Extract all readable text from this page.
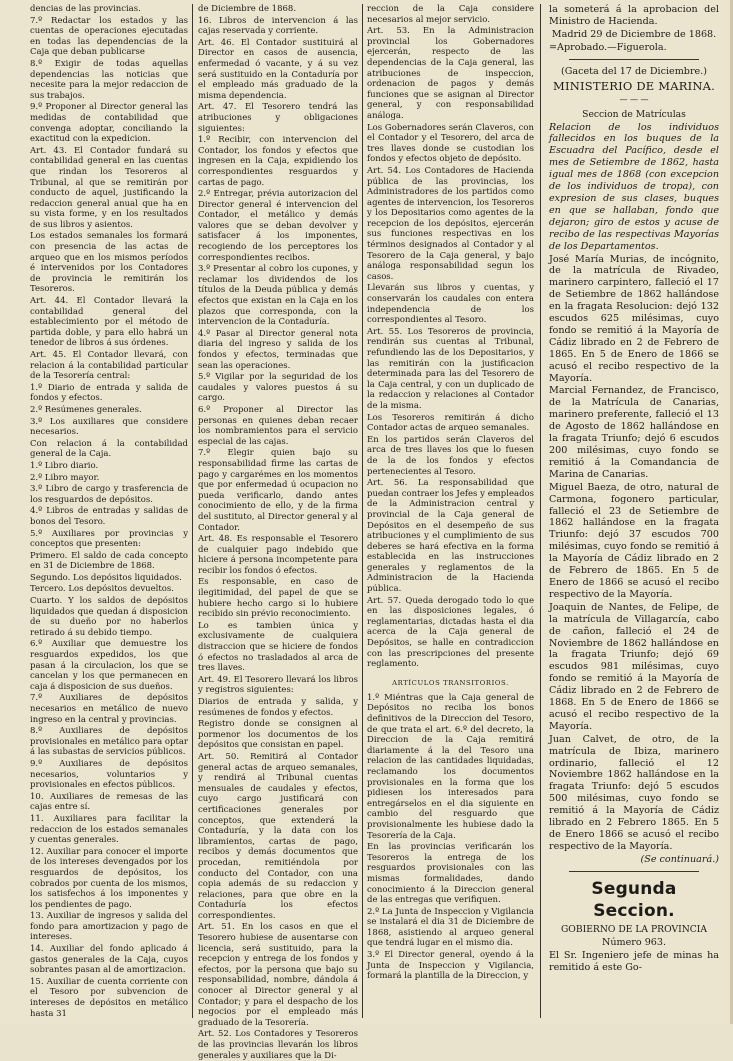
dencias de las provincias.

7.º Redactar los estados y las cuentas de operaciones ejecutadas en todas las dependencias de la Caja que deban publicarse

8.º Exigir de todas aquellas dependencias las noticias que necesite para la mejor redaccion de sus trabajos.

9.º Proponer al Director general las medidas de contabilidad que convenga adoptar, conciliando la exactitud con la expedicion.

Art. 43. El Contador fundará su contabilidad general en las cuentas que rindan los Tesoreros al Tribunal, al que se remitirán por conducto de aquel, justificando la redaccion general anual que ha en su vista forme, y en los resultados de sus libros y asientos.

Los estados semanales los formará con presencia de las actas de arqueo que en los mismos períodos é intervenidos por los Contadores de provincia le remitirán los Tesoreros.

Art. 44. El Contador llevará la contabilidad general del establecimiento por el método de partida doble, y para ello habrá un tenedor de libros á sus órdenes.

Art. 45. El Contador llevará, con relacion á la contabilidad particular de la Tesorería central:

1.º Diario de entrada y salida de fondos y efectos.

2.º Resúmenes generales.

3.º Los auxiliares que considere necesarios.

Con relacion á la contabilidad general de la Caja.

1.º Libro diario.

2.º Libro mayor.

3.º Libro de cargo y trasferencia de los resguardos de depósitos.

4.º Libros de entradas y salidas de bonos del Tesoro.

5.º Auxiliares por provincias y conceptos que presenten:

Primero. El saldo de cada concepto en 31 de Diciembre de 1868.

Segundo. Los depósitos liquidados.

Tercero. Los depósitos devueltos.

Cuarto. Y los saldos de depósitos liquidados que quedan á disposicion de su dueño por no haberlos retirado á su debido tiempo.

6.º Auxiliar que demuestre los resguardos expedidos, los que pasan á la circulacion, los que se cancelan y los que permanecen en caja á disposicion de sus dueños.

7.º Auxiliares de depósitos necesarios en metálico de nuevo ingreso en la central y provincias.

8.º Auxiliares de depósitos provisionales en metálico para optar á las subastas de servicios públicos.

9.º Auxiliares de depósitos necesarios, voluntarios y provisionales en efectos públicos.

10. Auxiliares de remesas de las cajas entre sí.

11. Auxiliares para facilitar la redaccion de los estados semanales y cuentas generales.

12. Auxiliar para conocer el importe de los intereses devengados por los resguardos de depósitos, los cobrados por cuenta de los mismos, los satisfechos á los imponentes y los pendientes de pago.

13. Auxiliar de ingresos y salida del fondo para amortizacion y pago de intereses.

14. Auxiliar del fondo aplicado á gastos generales de la Caja, cuyos sobrantes pasan al de amortizacion.

15. Auxiliar de cuenta corriente con el Tesoro por subvencion de intereses de depósitos en metálico hasta 31

de Diciembre de 1868.

16. Libros de intervencion á las cajas reservada y corriente.

Art. 46. El Contador sustituirá al Director en casos de ausencia, enfermedad ó vacante, y á su vez será sustituido en la Contaduría por el empleado más graduado de la misma dependencia.

Art. 47. El Tesorero tendrá las atribuciones y obligaciones siguientes:

1.º Recibir, con intervencion del Contador, los fondos y efectos que ingresen en la Caja, expidiendo los correspondientes resguardos y cartas de pago.

2.º Entregar, prévia autorizacion del Director general é intervencion del Contador, el metálico y demás valores que se deban devolver y satisfacer á los imponentes, recogiendo de los perceptores los correspondientes recibos.

3.º Presentar al cobro los cupones, y reclamar los dividendos de los títulos de la Deuda pública y demás efectos que existan en la Caja en los plazos que corresponda, con la intervencion de la Contaduría.

4.º Pasar al Director general nota diaria del ingreso y salida de los fondos y efectos, terminadas que sean las operaciones.

5.º Vigilar por la seguridad de los caudales y valores puestos á su cargo.

6.º Proponer al Director las personas en quienes deban recaer los nombramientos para el servicio especial de las cajas.

7.º Elegir quien bajo su responsabilidad firme las cartas de pago y cargarémes en los momentos que por enfermedad ú ocupacion no pueda verificarlo, dando antes conocimiento de ello, y de la firma del sustituto, al Director general y al Contador.

Art. 48. Es responsable el Tesorero de cualquier pago indebido que hiciere á persona incompetente para recibir los fondos ó efectos.

Es responsable, en caso de ilegitimidad, del papel de que se hubiere hecho cargo si lo hubiere recibido sin prévio reconocimiento.

Lo es tambien única y exclusivamente de cualquiera distraccion que se hiciere de fondos ó efectos no trasladados al arca de tres llaves.

Art. 49. El Tesorero llevará los libros y registros siguientes:

Diarios de entrada y salida, y resúmenes de fondos y efectos.

Registro donde se consignen al pormenor los documentos de los depósitos que consistan en papel.

Art. 50. Remitirá al Contador general actas de arqueo semanales, y rendirá al Tribunal cuentas mensuales de caudales y efectos, cuyo cargo justificará con certificaciones generales por conceptos, que extenderá la Contaduría, y la data con los libramientos, cartas de pago, recibos y demás documentos que procedan, remitiéndola por conducto del Contador, con una copia además de su redaccion y relaciones, para que obre en la Contaduría los efectos correspondientes.

Art. 51. En los casos en que el Tesorero hubiese de ausentarse con licencia, será sustituido, para la recepcion y entrega de los fondos y efectos, por la persona que bajo su responsabilidad, nombre, dándola á conocer al Director general y al Contador; y para el despacho de los negocios por el empleado más graduado de la Tesorería.

Art. 52. Los Contadores y Tesoreros de las provincias llevarán los libros generales y auxiliares que la Di-

reccion de la Caja considere necesarios al mejor servicio.

Art. 53. En la Administracion provincial los Gobernadores ejercerán, respecto de las dependencias de la Caja general, las atribuciones de inspeccion, ordenacion de pagos y demás funciones que se asignan al Director general, y con responsabilidad análoga.

Los Gobernadores serán Claveros, con el Contador y el Tesorero, del arca de tres llaves donde se custodian los fondos y efectos objeto de depósito.

Art. 54. Los Contadores de Hacienda pública de las provincias, los Administradores de los partidos como agentes de intervencion, los Tesoreros y los Depositarios como agentes de la recepcion de los depósitos, ejercerán sus funciones respectivas en los términos designados al Contador y al Tesorero de la Caja general, y bajo análoga responsabilidad segun los casos.

Llevarán sus libros y cuentas, y conservarán los caudales con entera independencia de los correspondientes al Tesoro.

Art. 55. Los Tesoreros de provincia, rendirán sus cuentas al Tribunal, refundiendo las de los Depositarios, y las remitirán con la justificacion determinada para las del Tesorero de la Caja central, y con un duplicado de la redaccion y relaciones al Contador de la misma.

Los Tesoreros remitirán á dicho Contador actas de arqueo semanales.

En los partidos serán Claveros del arca de tres llaves los que lo fuesen de la de los fondos y efectos pertenecientes al Tesoro.

Art. 56. La responsabilidad que puedan contraer los Jefes y empleados de la Administracion central y provincial de la Caja general de Depósitos en el desempeño de sus atribuciones y el cumplimiento de sus deberes se hará efectiva en la forma establecida en las instrucciones generales y reglamentos de la Administracion de la Hacienda pública.

Art. 57. Queda derogado todo lo que en las disposiciones legales, ó reglamentarias, dictadas hasta el dia acerca de la Caja general de Depósitos, se halle en contradiccion con las prescripciones del presente reglamento.

ARTÍCULOS TRANSITORIOS.

1.º Miéntras que la Caja general de Depósitos no reciba los bonos definitivos de la Direccion del Tesoro, de que trata el art. 6.º del decreto, la Direccion de la Caja remitirá diariamente á la del Tesoro una relacion de las cantidades liquidadas, reclamando los documentos provisionales en la forma que los pidiesen los interesados para entregárselos en el dia siguiente en cambio del resguardo que provisionalmente les hubiese dado la Tesorería de la Caja.

En las provincias verificarán los Tesoreros la entrega de los resguardos provisionales con las mismas formalidades, dando conocimiento á la Direccion general de las entregas que verifiquen.

2.º La Junta de Inspeccion y Vigilancia se instalará el dia 31 de Diciembre de 1868, asistiendo al arqueo general que tendrá lugar en el mismo dia.

3.º El Director general, oyendo á la Junta de Inspeccion y Vigilancia, formará la plantilla de la Direccion, y

la someterá á la aprobacion del Ministro de Hacienda.

Madrid 29 de Diciembre de 1868.

=Aprobado.—Figuerola.

(Gaceta del 17 de Diciembre.)

MINISTERIO DE MARINA.

— — —

Seccion de Matrículas

Relacion de los individuos fallecidos en los buques de la Escuadra del Pacífico, desde el mes de Setiembre de 1862, hasta igual mes de 1868 (con excepcion de los individuos de tropa), con expresion de sus clases, buques en que se hallaban, fondo que dejaron; giro de estos y acuse de recibo de las respectivas Mayorías de los Departamentos.

José María Murias, de incógnito, de la matrícula de Rivadeo, marinero carpintero, falleció el 17 de Setiembre de 1862 hallándose en la fragata Resolucion: dejó 132 escudos 625 milésimas, cuyo fondo se remitió á la Mayoría de Cádiz librado en 2 de Febrero de 1865. En 5 de Enero de 1866 se acusó el recibo respectivo de la Mayoría.

Marcial Fernandez, de Francisco, de la Matrícula de Canarias, marinero preferente, falleció el 13 de Agosto de 1862 hallándose en la fragata Triunfo; dejó 6 escudos 200 milésimas, cuyo fondo se remitió á la Comandancia de Marina de Canarias.

Miguel Baeza, de otro, natural de Carmona, fogonero particular, falleció el 23 de Setiembre de 1862 hallándose en la fragata Triunfo: dejó 37 escudos 700 milésimas, cuyo fondo se remitió á la Mayoría de Cádiz librado en 2 de Febrero de 1865. En 5 de Enero de 1866 se acusó el recibo respectivo de la Mayoría.

Joaquin de Nantes, de Felipe, de la matrícula de Villagarcía, cabo de cañon, falleció el 24 de Noviembre de 1862 hallándose en la fragata Triunfo; dejó 69 escudos 981 milésimas, cuyo fondo se remitió á la Mayoría de Cádiz librado en 2 de Febrero de 1868. En 5 de Enero de 1866 se acusó el recibo respectivo de la Mayoría.

Juan Calvet, de otro, de la matrícula de Ibiza, marinero ordinario, falleció el 12 Noviembre 1862 hallándose en la fragata Triunfo: dejó 5 escudos 500 milésimas, cuyo fondo se remitió á la Mayoría de Cádiz librado en 2 Febrero 1865. En 5 de Enero 1866 se acusó el recibo respectivo de la Mayoría.

(Se continuará.)

Segunda Seccion.

GOBIERNO DE LA PROVINCIA

Número 963.

El Sr. Ingeniero jefe de minas ha remitido á este Go-
